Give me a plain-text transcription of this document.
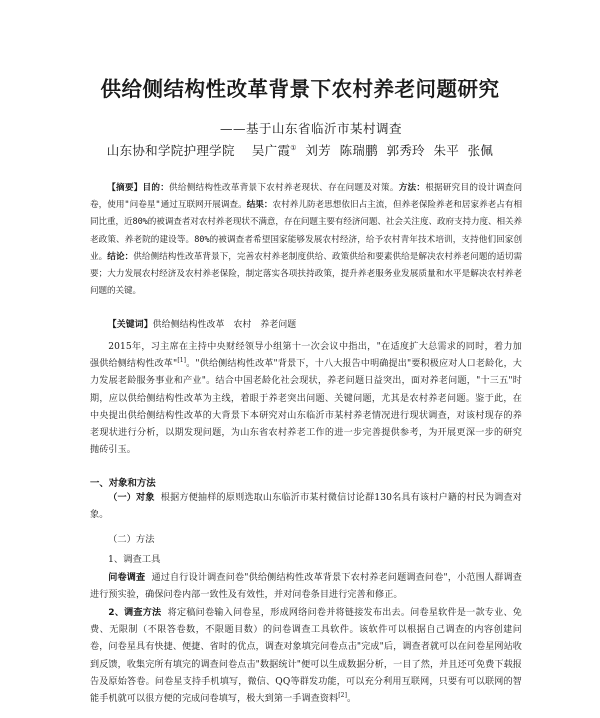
供给侧结构性改革背景下农村养老问题研究
——基于山东省临沂市某村调查
山东协和学院护理学院 吴广霞① 刘芳 陈瑞鹏 郭秀玲 朱平 张佩

【摘要】目的：供给侧结构性改革背景下农村养老现状、存在问题及对策。方法：根据研究目的设计调查问卷，使用"问卷星"通过互联网开展调查。结果：农村养儿防老思想依旧占主流，但养老保险养老和居家养老占有相同比重，近80%的被调查者对农村养老现状不满意，存在问题主要有经济问题、社会关注度、政府支持力度、相关养老政策、养老院的建设等。80%的被调查者希望国家能够发展农村经济，给予农村青年技术培训，支持他们回家创业。结论：供给侧结构性改革背景下，完善农村养老制度供给、政策供给和要素供给是解决农村养老问题的适切需要；大力发展农村经济及农村养老保险，制定落实各项扶持政策，提升养老服务业发展质量和水平是解决农村养老问题的关键。

【关键词】供给侧结构性改革　农村　养老问题

2015年，习主席在主持中央财经领导小组第十一次会议中指出，"在适度扩大总需求的同时，着力加强供给侧结构性改革"[1]。"供给侧结构性改革"背景下，十八大报告中明确提出"要积极应对人口老龄化，大力发展老龄服务事业和产业"。结合中国老龄化社会现状，养老问题日益突出，面对养老问题，"十三五"时期，应以供给侧结构性改革为主线，着眼于养老突出问题、关键问题，尤其是农村养老问题。鉴于此，在中央提出供给侧结构性改革的大背景下本研究对山东临沂市某村养老情况进行现状调查，对该村现存的养老现状进行分析，以期发现问题，为山东省农村养老工作的进一步完善提供参考，为开展更深一步的研究抛砖引玉。

一、对象和方法

（一）对象 根据方便抽样的原则选取山东临沂市某村微信讨论群130名具有该村户籍的村民为调查对象。

（二）方法
1、调查工具

问卷调查 通过自行设计调查问卷"供给侧结构性改革背景下农村养老问题调查问卷"，小范围人群调查进行预实验，确保问卷内部一致性及有效性，并对问卷条目进行完善和修正。

2、调查方法 将定稿问卷输入问卷星，形成网络问卷并将链接发布出去。问卷星软件是一款专业、免费、无限制（不限答卷数，不限题目数）的问卷调查工具软件。该软件可以根据自己调查的内容创建问卷，问卷星具有快捷、便捷、省时的优点，调查对象填完问卷点击"完成"后，调查者就可以在问卷星网站收到反馈，收集完所有填完的调查问卷点击"数据统计"便可以生成数据分析，一目了然，并且还可免费下载报告及原始答卷。问卷星支持手机填写，微信、QQ等群发功能，可以充分利用互联网，只要有可以联网的智能手机就可以很方便的完成问卷填写，极大到第一手调查资料[2]。
